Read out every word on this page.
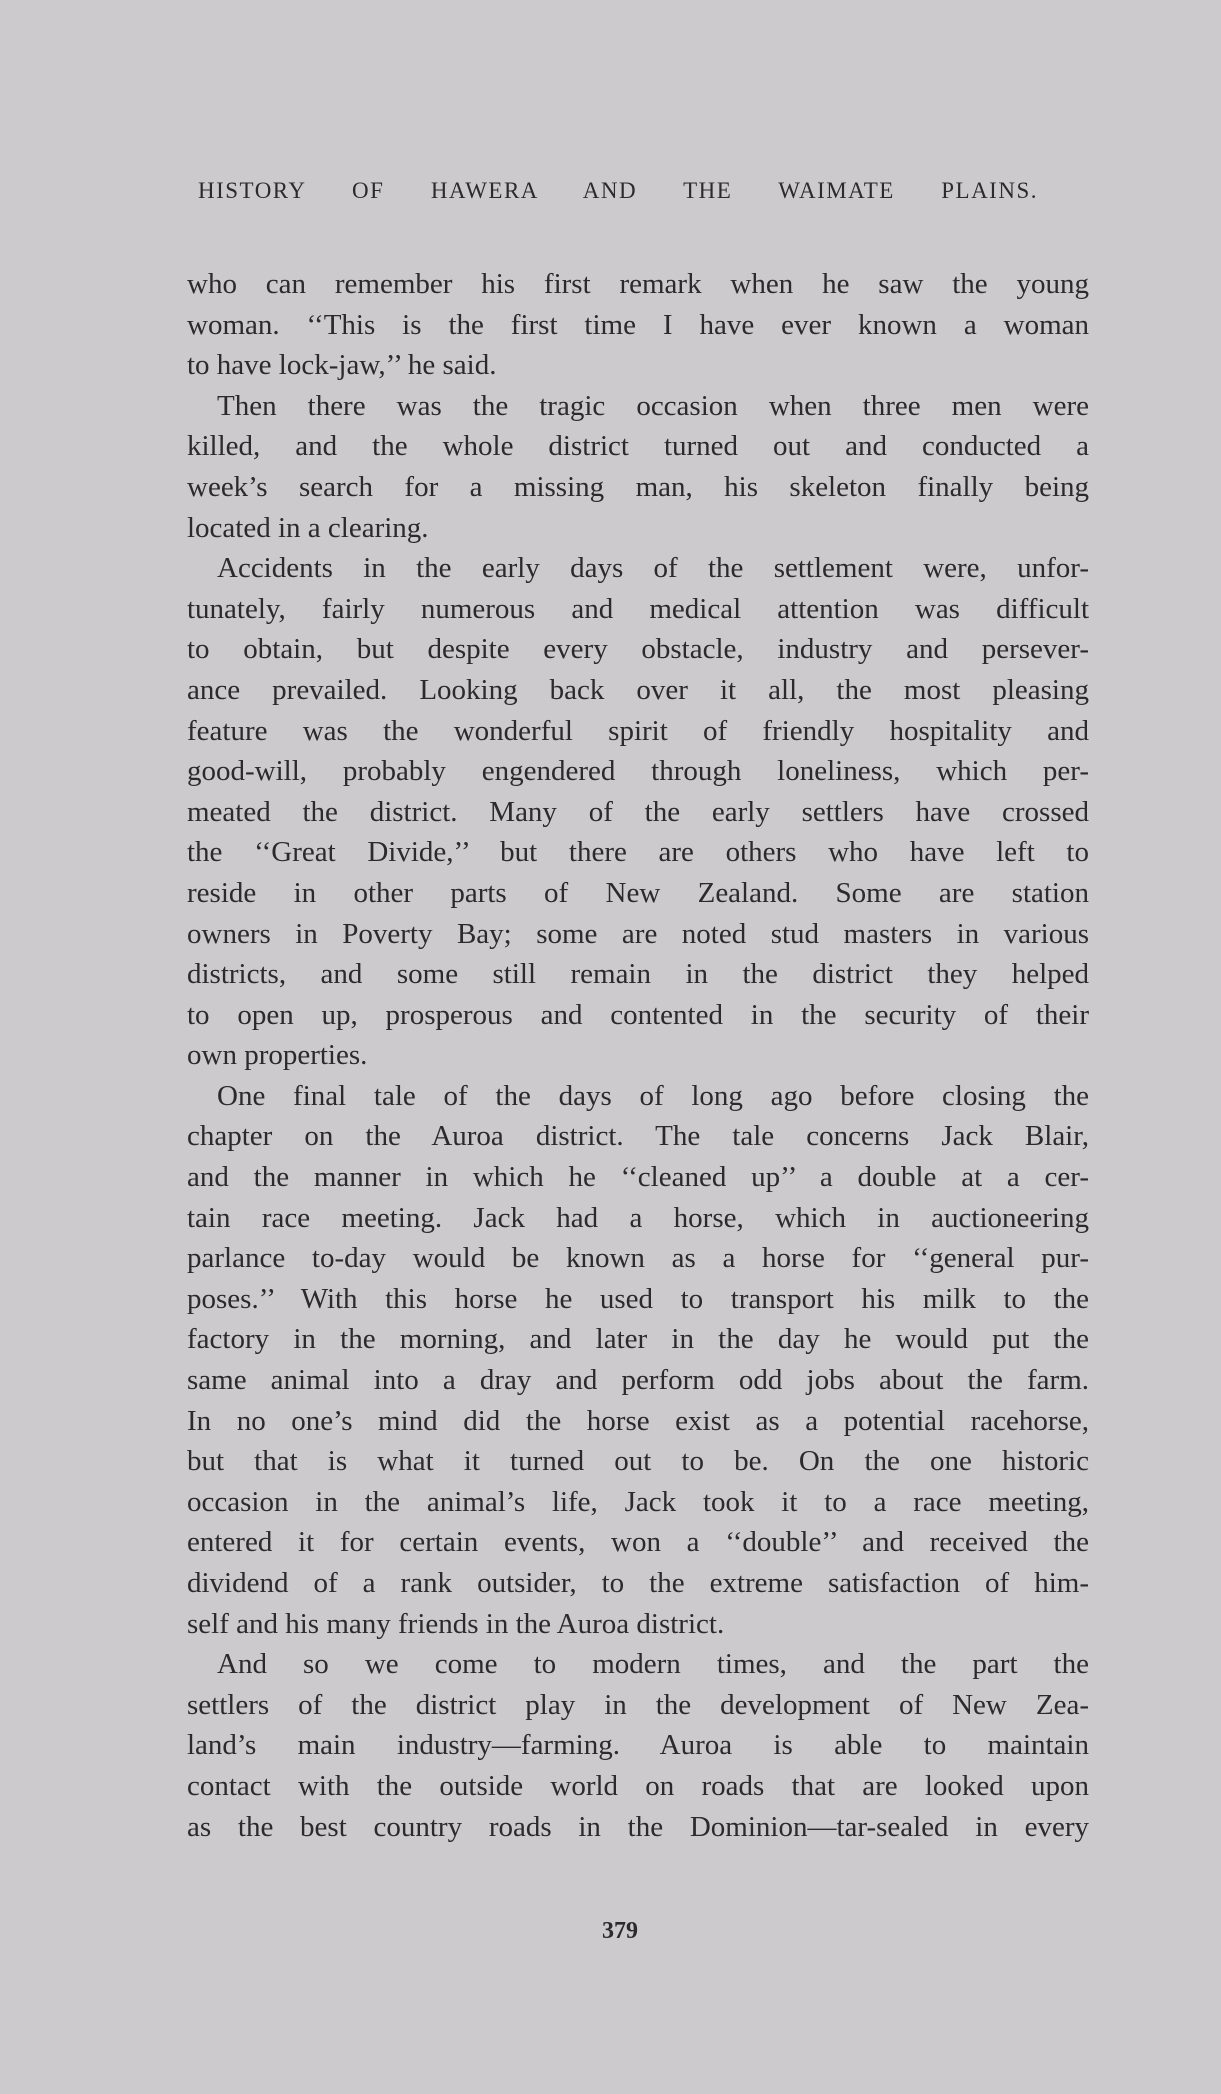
HISTORY OF HAWERA AND THE WAIMATE PLAINS.
who can remember his first remark when he saw the young
woman. ‘‘This is the first time I have ever known a woman
to have lock-jaw,’’ he said.
Then there was the tragic occasion when three men were
killed, and the whole district turned out and conducted a
week’s search for a missing man, his skeleton finally being
located in a clearing.
Accidents in the early days of the settlement were, unfor-
tunately, fairly numerous and medical attention was difficult
to obtain, but despite every obstacle, industry and persever-
ance prevailed. Looking back over it all, the most pleasing
feature was the wonderful spirit of friendly hospitality and
good-will, probably engendered through loneliness, which per-
meated the district. Many of the early settlers have crossed
the ‘‘Great Divide,’’ but there are others who have left to
reside in other parts of New Zealand. Some are station
owners in Poverty Bay; some are noted stud masters in various
districts, and some still remain in the district they helped
to open up, prosperous and contented in the security of their
own properties.
One final tale of the days of long ago before closing the
chapter on the Auroa district. The tale concerns Jack Blair,
and the manner in which he ‘‘cleaned up’’ a double at a cer-
tain race meeting. Jack had a horse, which in auctioneering
parlance to-day would be known as a horse for ‘‘general pur-
poses.’’ With this horse he used to transport his milk to the
factory in the morning, and later in the day he would put the
same animal into a dray and perform odd jobs about the farm.
In no one’s mind did the horse exist as a potential racehorse,
but that is what it turned out to be. On the one historic
occasion in the animal’s life, Jack took it to a race meeting,
entered it for certain events, won a ‘‘double’’ and received the
dividend of a rank outsider, to the extreme satisfaction of him-
self and his many friends in the Auroa district.
And so we come to modern times, and the part the
settlers of the district play in the development of New Zea-
land’s main industry—farming. Auroa is able to maintain
contact with the outside world on roads that are looked upon
as the best country roads in the Dominion—tar-sealed in every
379
